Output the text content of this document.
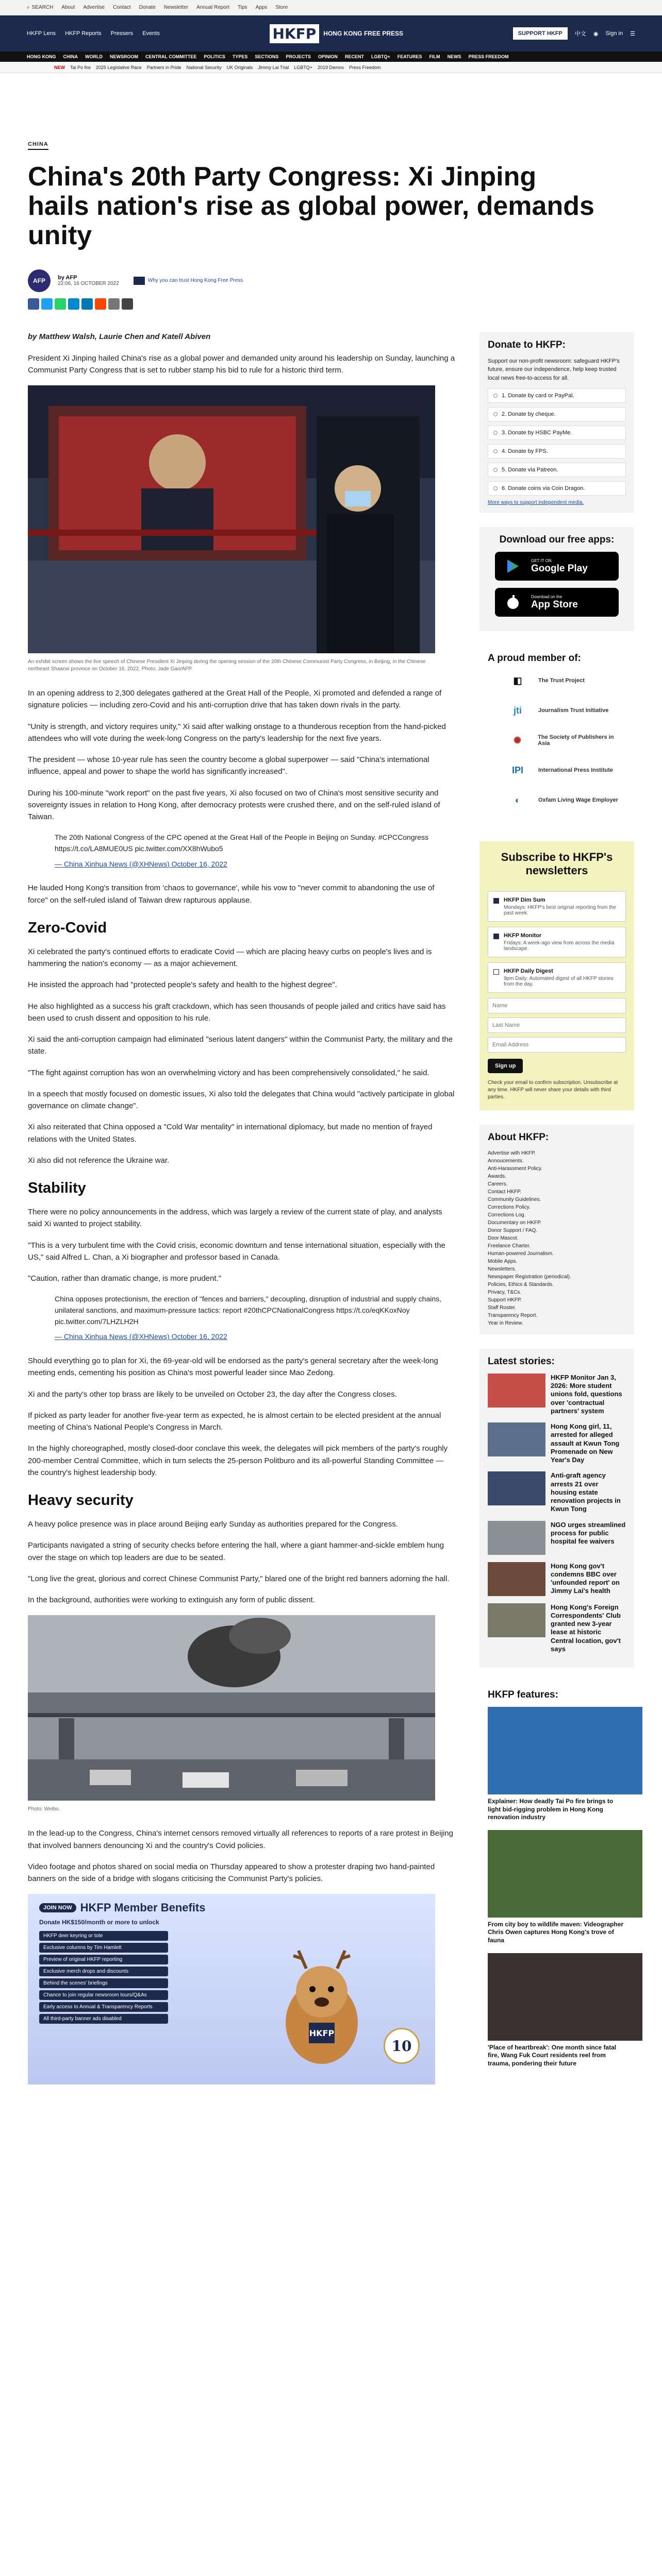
⌕ SEARCH About Advertise Contact Donate Newsletter Annual Report Tips Apps Store
HKFP Lens HKFP Reports Pressers Events	HKFP	HONG KONG FREE PRESS	SUPPORT HKFP	中文 ◉ Sign in ☰
HONG KONG CHINA WORLD NEWSROOM CENTRAL COMMITTEE POLITICS TYPES SECTIONS PROJECTS OPINION RECENT LGBTQ+ FEATURES FILM NEWS PRESS FREEDOM
NEW Tai Po fire 2025 Legislative Race Partners in Pride National Security UK Originals Jimmy Lai Trial LGBTQ+ 2019 Demos Press Freedom
CHINA
China's 20th Party Congress: Xi Jinping hails nation's rise as global power, demands unity
AFP	by AFP
22:06, 16 OCTOBER 2022
Why you can trust Hong Kong Free Press
by Matthew Walsh, Laurie Chen and Katell Abiven

President Xi Jinping hailed China's rise as a global power and demanded unity around his leadership on Sunday, launching a Communist Party Congress that is set to rubber stamp his bid to rule for a historic third term.

An exhibit screen shows the live speech of Chinese President Xi Jinping during the opening session of the 20th Chinese Communist Party Congress, in Beijing, in the Chinese northeast Shaanxi province on October 16, 2022. Photo: Jade Gao/AFP.

In an opening address to 2,300 delegates gathered at the Great Hall of the People, Xi promoted and defended a range of signature policies — including zero-Covid and his anti-corruption drive that has taken down rivals in the party.

"Unity is strength, and victory requires unity," Xi said after walking onstage to a thunderous reception from the hand-picked attendees who will vote during the week-long Congress on the party's leadership for the next five years.

The president — whose 10-year rule has seen the country become a global superpower — said "China's international influence, appeal and power to shape the world has significantly increased".

During his 100-minute "work report" on the past five years, Xi also focused on two of China's most sensitive security and sovereignty issues in relation to Hong Kong, after democracy protests were crushed there, and on the self-ruled island of Taiwan.

The 20th National Congress of the CPC opened at the Great Hall of the People in Beijing on Sunday. #CPCCongress https://t.co/LA8MUE0US pic.twitter.com/XX8hWubo5
— China Xinhua News (@XHNews) October 16, 2022

He lauded Hong Kong's transition from 'chaos to governance', while his vow to "never commit to abandoning the use of force" on the self-ruled island of Taiwan drew rapturous applause.

Zero-Covid

Xi celebrated the party's continued efforts to eradicate Covid — which are placing heavy curbs on people's lives and is hammering the nation's economy — as a major achievement.

He insisted the approach had "protected people's safety and health to the highest degree".

He also highlighted as a success his graft crackdown, which has seen thousands of people jailed and critics have said has been used to crush dissent and opposition to his rule.

Xi said the anti-corruption campaign had eliminated "serious latent dangers" within the Communist Party, the military and the state.

"The fight against corruption has won an overwhelming victory and has been comprehensively consolidated," he said.

In a speech that mostly focused on domestic issues, Xi also told the delegates that China would "actively participate in global governance on climate change".

Xi also reiterated that China opposed a "Cold War mentality" in international diplomacy, but made no mention of frayed relations with the United States.

Xi also did not reference the Ukraine war.

Stability

There were no policy announcements in the address, which was largely a review of the current state of play, and analysts said Xi wanted to project stability.

"This is a very turbulent time with the Covid crisis, economic downturn and tense international situation, especially with the US," said Alfred L. Chan, a Xi biographer and professor based in Canada.

"Caution, rather than dramatic change, is more prudent."

China opposes protectionism, the erection of "fences and barriers," decoupling, disruption of industrial and supply chains, unilateral sanctions, and maximum-pressure tactics: report #20thCPCNationalCongress https://t.co/eqKKoxNoy pic.twitter.com/7LHZLH2H
— China Xinhua News (@XHNews) October 16, 2022

Should everything go to plan for Xi, the 69-year-old will be endorsed as the party's general secretary after the week-long meeting ends, cementing his position as China's most powerful leader since Mao Zedong.

Xi and the party's other top brass are likely to be unveiled on October 23, the day after the Congress closes.

If picked as party leader for another five-year term as expected, he is almost certain to be elected president at the annual meeting of China's National People's Congress in March.

In the highly choreographed, mostly closed-door conclave this week, the delegates will pick members of the party's roughly 200-member Central Committee, which in turn selects the 25-person Politburo and its all-powerful Standing Committee — the country's highest leadership body.

Heavy security

A heavy police presence was in place around Beijing early Sunday as authorities prepared for the Congress.

Participants navigated a string of security checks before entering the hall, where a giant hammer-and-sickle emblem hung over the stage on which top leaders are due to be seated.

"Long live the great, glorious and correct Chinese Communist Party," blared one of the bright red banners adorning the hall.

In the background, authorities were working to extinguish any form of public dissent.

Photo: Weibo.

In the lead-up to the Congress, China's internet censors removed virtually all references to reports of a rare protest in Beijing that involved banners denouncing Xi and the country's Covid policies.

Video footage and photos shared on social media on Thursday appeared to show a protester draping two hand-painted banners on the side of a bridge with slogans criticising the Communist Party's policies.

JOIN NOW HKFP Member Benefits
Donate HK$150/month or more to unlock
HKFP deer keyring or tote
Exclusive columns by Tim Hamlett
Preview of original HKFP reporting
Exclusive merch drops and discounts
Behind the scenes' briefings
Chance to join regular newsroom tours/Q&As
Early access to Annual & Transparency Reports
All third-party banner ads disabled
HKFP
10
Donate to HKFP:

Support our non-profit newsroom: safeguard HKFP's future, ensure our independence, help keep trusted local news free-to-access for all.

1. Donate by card or PayPal.
2. Donate by cheque.
3. Donate by HSBC PayMe.
4. Donate by FPS.
5. Donate via Patreon.
6. Donate coins via Coin Dragon.
More ways to support independent media.
Download our free apps:
GET IT ON
Google Play
Download on the
App Store
A proud member of:
◧	The Trust Project
jti	Journalism Trust Initiative
✺	The Society of Publishers in Asia
IPI	International Press Institute
◐	Oxfam Living Wage Employer
Subscribe to HKFP's newsletters
HKFP Dim Sum
Mondays: HKFP's best original reporting from the past week.
HKFP Monitor
Fridays: A week-ago view from across the media landscape.
HKFP Daily Digest
9pm Daily: Automated digest of all HKFP stories from the day.
Name
Last Name
Email Address Sign up

Check your email to confirm subscription. Unsubscribe at any time. HKFP will never share your details with third parties.

About HKFP:
Advertise with HKFP.
Annoucements.
Anti-Harassment Policy.
Awards.
Careers.
Contact HKFP.
Community Guidelines.
Corrections Policy.
Corrections Log.
Documentary on HKFP.
Donor Support / FAQ.
Door Mascot.
Freelance Charter.
Human-powered Journalism.
Mobile Apps.
Newsletters.
Newspaper Registration (periodical).
Policies, Ethics & Standards.
Privacy, T&Cs.
Support HKFP.
Staff Roster.
Transparency Report.
Year in Review.
Latest stories:
HKFP Monitor Jan 3, 2026: More student unions fold, questions over 'contractual partners' system
Hong Kong girl, 11, arrested for alleged assault at Kwun Tong Promenade on New Year's Day
Anti-graft agency arrests 21 over housing estate renovation projects in Kwun Tong
NGO urges streamlined process for public hospital fee waivers
Hong Kong gov't condemns BBC over 'unfounded report' on Jimmy Lai's health
Hong Kong's Foreign Correspondents' Club granted new 3-year lease at historic Central location, gov't says
HKFP features:
Explainer: How deadly Tai Po fire brings to light bid-rigging problem in Hong Kong renovation industry
From city boy to wildlife maven: Videographer Chris Owen captures Hong Kong's trove of fauna
'Place of heartbreak': One month since fatal fire, Wang Fuk Court residents reel from trauma, pondering their future
